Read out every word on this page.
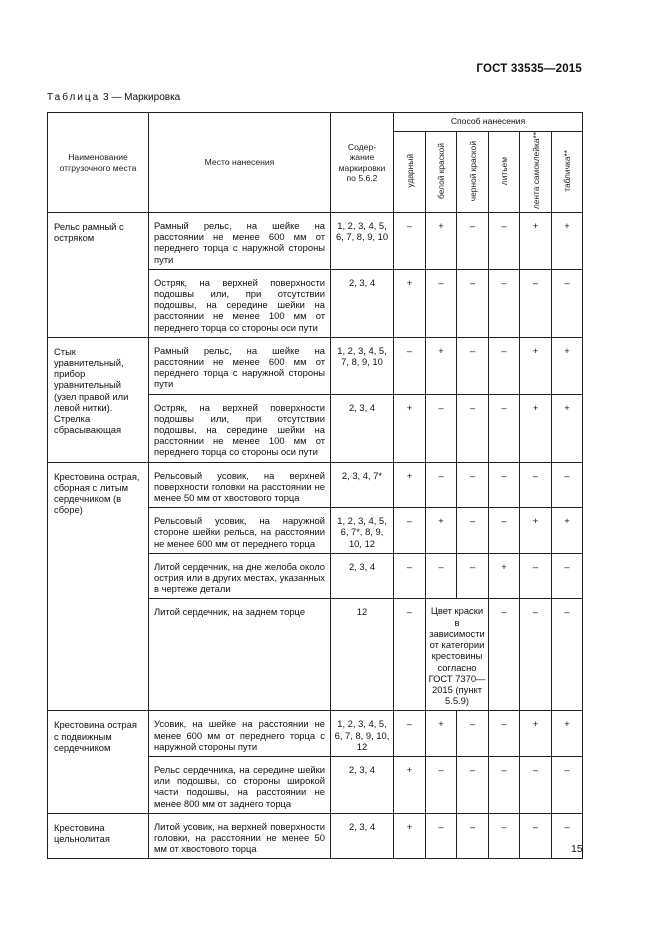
ГОСТ 33535—2015
Таблица 3 — Маркировка
Наименование отгрузочного места	Место нанесения	Содер-жание маркировки по 5.6.2	Способ нанесения					
			ударный	белой краской	черной краской	литьем	лента самоклейка**	табличка**
Рельс рамный с остряком	Рамный рельс, на шейке на расстоянии не менее 600 мм от переднего торца с наружной стороны пути	1, 2, 3, 4, 5, 6, 7, 8, 9, 10	–	+	–	–	+	+
	Остряк, на верхней поверхности подошвы или, при отсутствии подошвы, на середине шейки на расстоянии не менее 100 мм от переднего торца со стороны оси пути	2, 3, 4	+	–	–	–	–	–
Стык уравнительный, прибор уравнительный (узел правой или левой нитки). Стрелка сбрасывающая	Рамный рельс, на шейке на расстоянии не менее 600 мм от переднего торца с наружной стороны пути	1, 2, 3, 4, 5, 7, 8, 9, 10	–	+	–	–	+	+
	Остряк, на верхней поверхности подошвы или, при отсутствии подошвы, на середине шейки на расстоянии не менее 100 мм от переднего торца со стороны оси пути	2, 3, 4	+	–	–	–	+	+
Крестовина острая, сборная с литым сердечником (в сборе)	Рельсовый усовик, на верхней поверхности головки на расстоянии не менее 50 мм от хвостового торца	2, 3, 4, 7*	+	–	–	–	–	–
	Рельсовый усовик, на наружной стороне шейки рельса, на расстоянии не менее 600 мм от переднего торца	1, 2, 3, 4, 5, 6, 7*, 8, 9, 10, 12	–	+	–	–	+	+
	Литой сердечник, на дне желоба около острия или в других местах, указанных в чертеже детали	2, 3, 4	–	–	–	+	–	–
	Литой сердечник, на заднем торце	12	–	Цвет краски в зависимости от категории крестовины согласно ГОСТ 7370—2015 (пункт 5.5.9)		–	–	–
Крестовина острая с подвижным сердечником	Усовик, на шейке на расстоянии не менее 600 мм от переднего торца с наружной стороны пути	1, 2, 3, 4, 5, 6, 7, 8, 9, 10, 12	–	+	–	–	+	+
	Рельс сердечника, на середине шейки или подошвы, со стороны широкой части подошвы, на расстоянии не менее 800 мм от заднего торца	2, 3, 4	+	–	–	–	–	–
Крестовина цельнолитая	Литой усовик, на верхней поверхности головки, на расстоянии не менее 50 мм от хвостового торца	2, 3, 4	+	–	–	–	–	–
15
